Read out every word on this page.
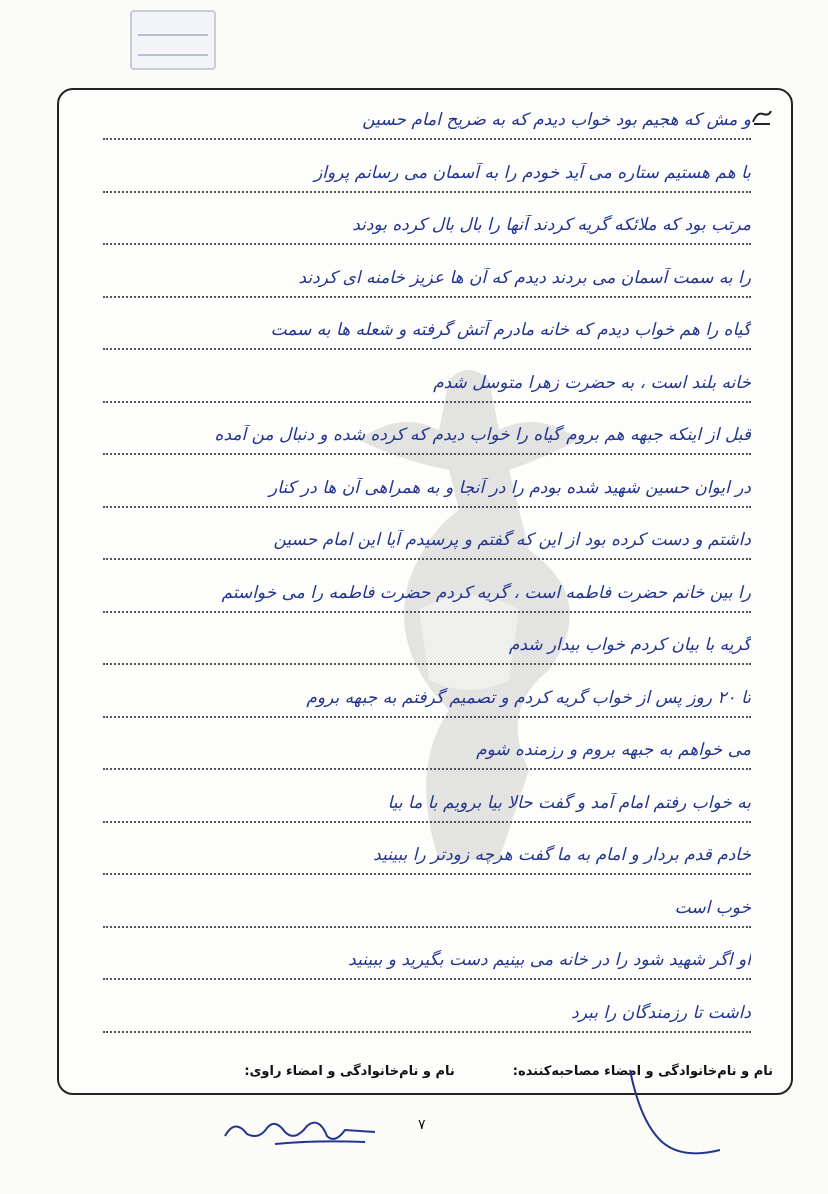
و مش که هجیم بود خواب دیدم که به ضریح امام حسین
با هم هستیم ستاره می آید خودم را به آسمان می رسانم پرواز
مرتب بود که ملائکه گریه کردند آنها را بال بال کرده بودند
را به سمت آسمان می بردند دیدم که آن ها عزیز خامنه ای کردند
گیاه را هم خواب دیدم که خانه مادرم آتش گرفته و شعله ها به سمت
خانه بلند است ، به حضرت زهرا متوسل شدم
قبل از اینکه جبهه هم بروم گیاه را خواب دیدم که کرده شده و دنبال من آمده
در ایوان حسین شهید شده بودم را در آنجا و به همراهی آن ها در کنار
داشتم و دست کرده بود از این که گفتم و پرسیدم آیا این امام حسین
را بین خانم حضرت فاطمه است ، گریه کردم حضرت فاطمه را می خواستم
گریه با بیان کردم خواب بیدار شدم
تا ۲۰ روز پس از خواب گریه کردم و تصمیم گرفتم به جبهه بروم
می خواهم به جبهه بروم و رزمنده شوم
به خواب رفتم امام آمد و گفت حالا بیا برویم با ما بیا
خادم قدم بردار و امام به ما گفت هرچه زودتر را ببینید
خوب است
او اگر شهید شود را در خانه می بینیم دست بگیرید و ببینید
داشت تا رزمندگان را ببرد
نام و نام‌خانوادگی و امضاء مصاحبه‌کننده:
نام و نام‌خانوادگی و امضاء راوی:
۷
